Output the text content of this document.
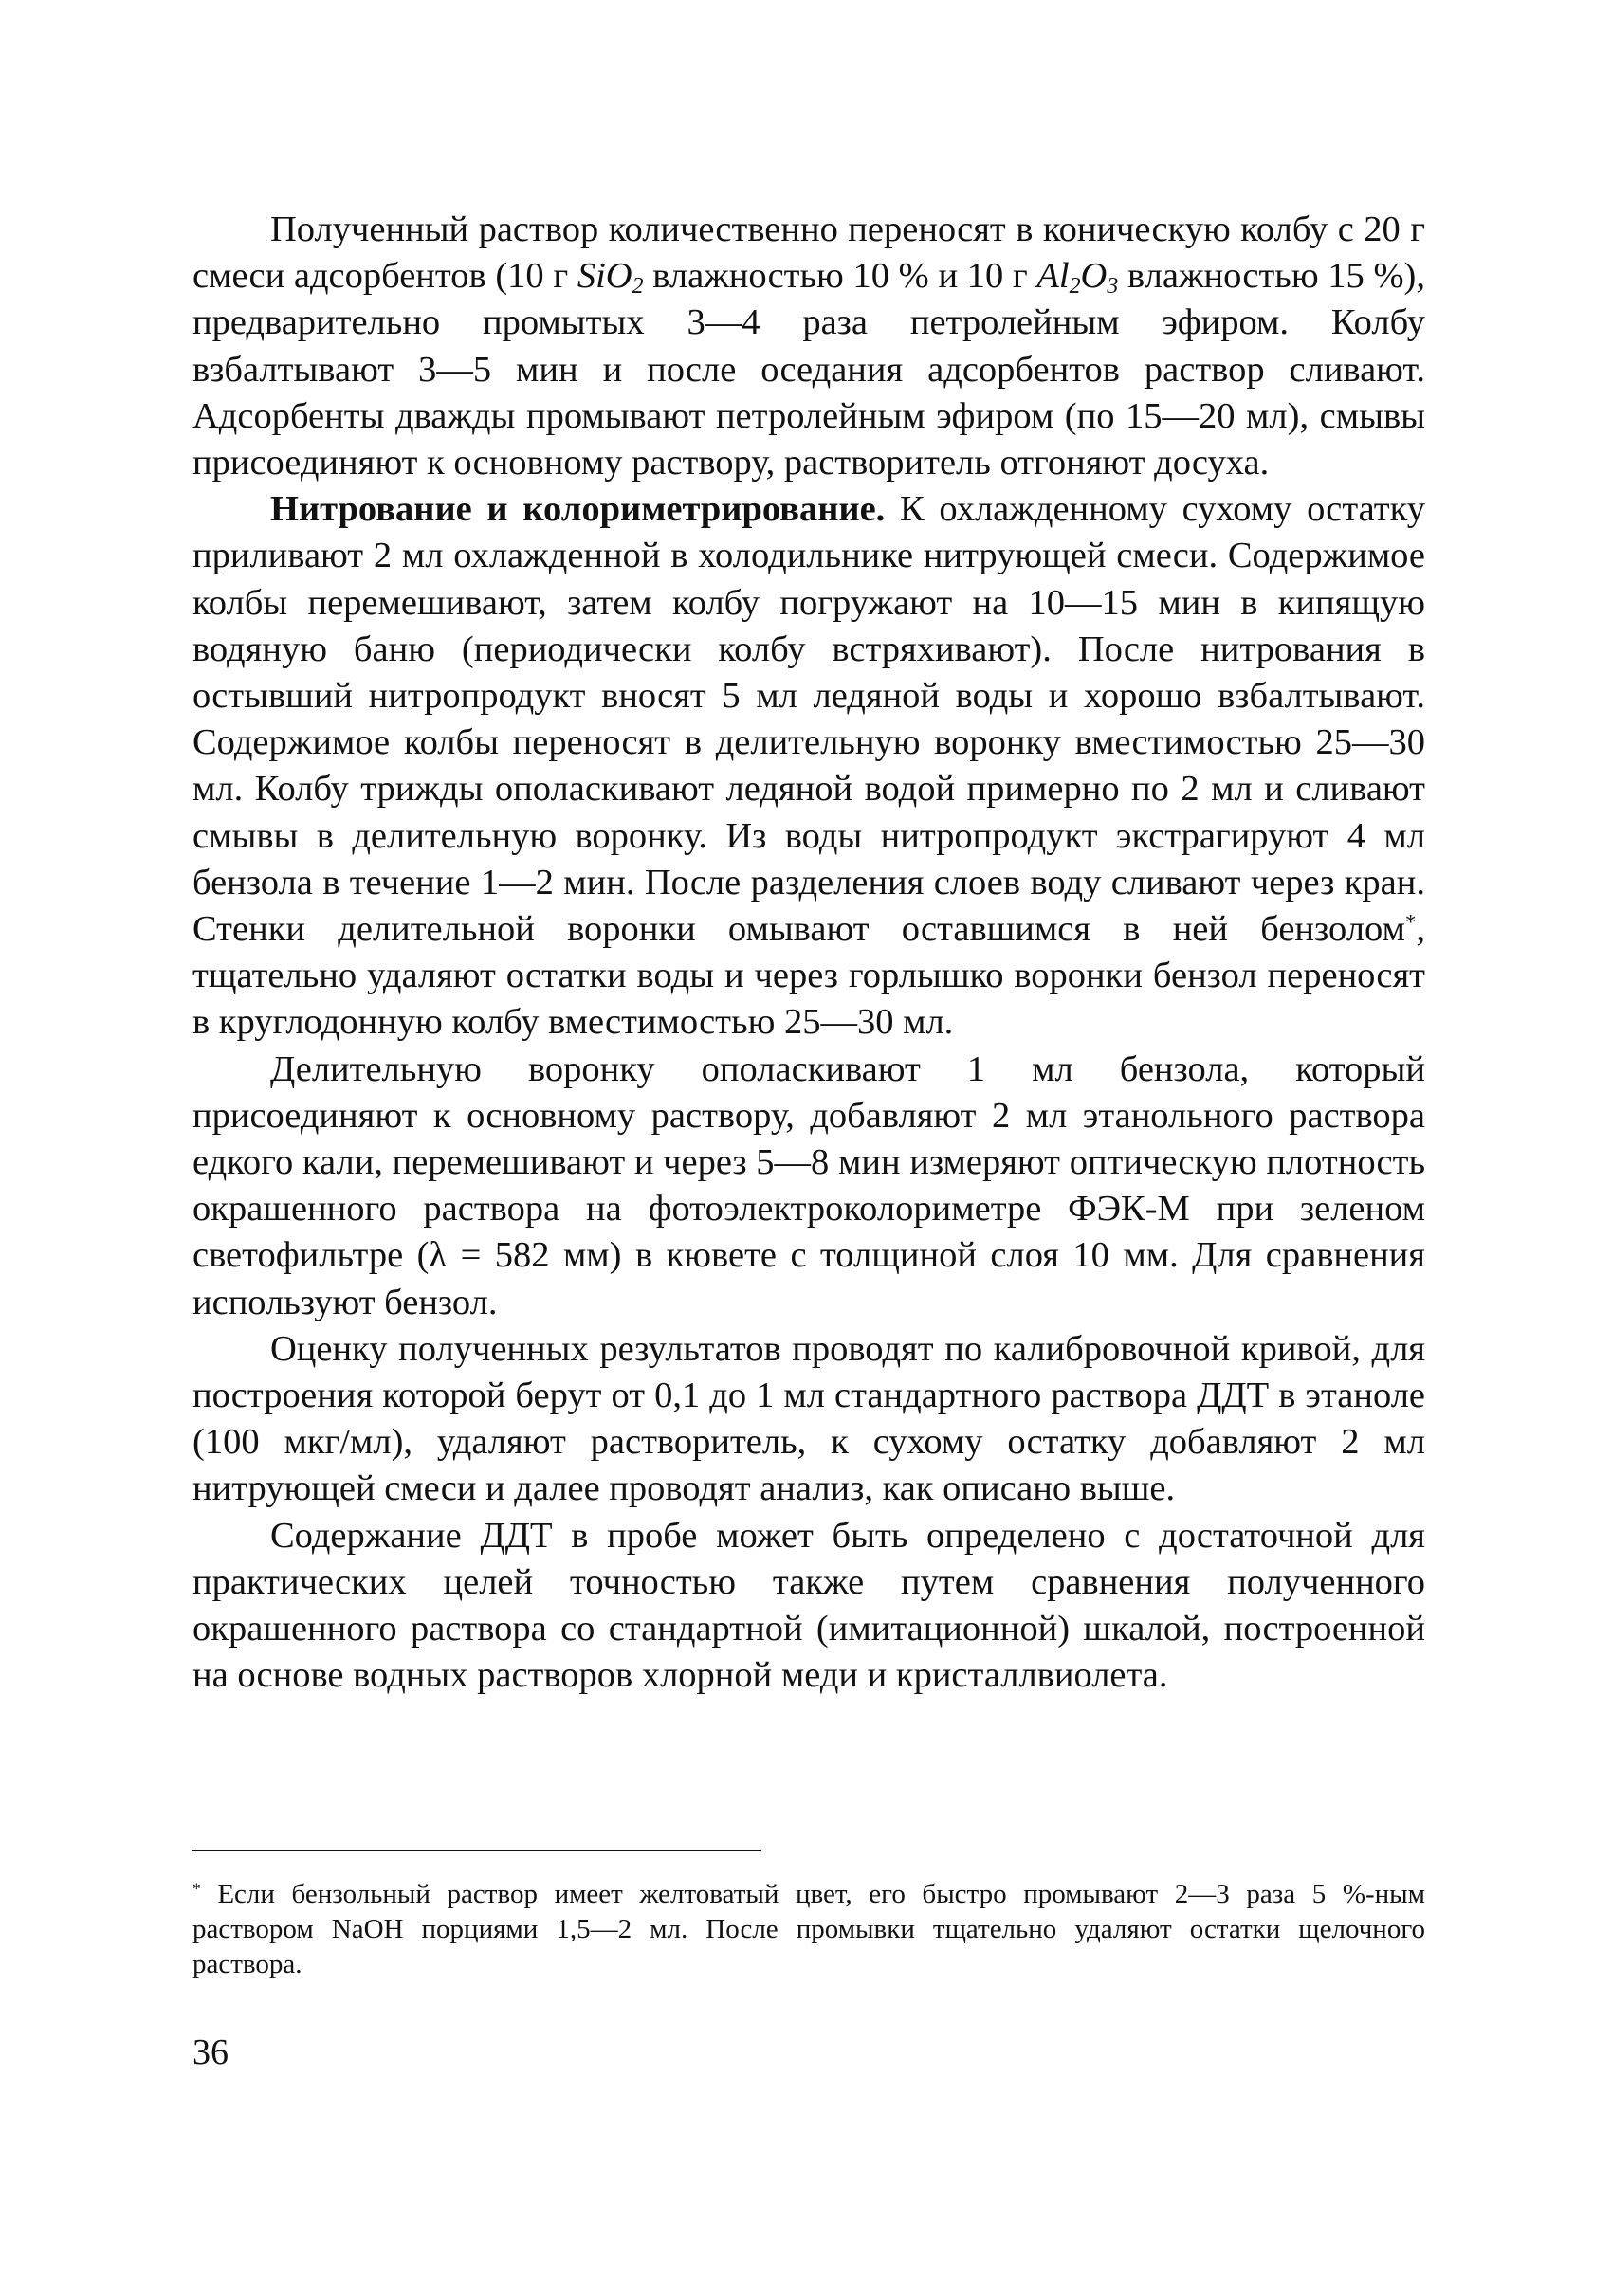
Полученный раствор количественно переносят в коническую колбу с 20 г смеси адсорбентов (10 г SiO$_2$ влажностью 10 % и 10 г $Al_2O_3$ влажностью 15 %), предварительно промытых 3—4 раза петролейным эфиром. Колбу взбалтывают 3—5 мин и после оседания адсорбентов раствор сливают. Адсорбенты дважды промывают петролейным эфиром (по 15—20 мл), смывы присоединяют к основному раствору, растворитель отгоняют досуха.

Нитрование и колориметрирование. К охлажденному сухому остатку приливают 2 мл охлажденной в холодильнике нитрующей смеси. Содержимое колбы перемешивают, затем колбу погружают на 10—15 мин в кипящую водяную баню (периодически колбу встряхивают). После нитрования в остывший нитропродукт вносят 5 мл ледяной воды и хорошо взбалтывают. Содержимое колбы переносят в делительную воронку вместимостью 25—30 мл. Колбу трижды ополаскивают ледяной водой примерно по 2 мл и сливают смывы в делительную воронку. Из воды нитропродукт экстрагируют 4 мл бензола в течение 1—2 мин. После разделения слоев воду сливают через кран. Стенки делительной воронки омывают оставшимся в ней бензолом*, тщательно удаляют остатки воды и через горлышко воронки бензол переносят в круглодонную колбу вместимостью 25—30 мл.

Делительную воронку ополаскивают 1 мл бензола, который присоединяют к основному раствору, добавляют 2 мл этанольного раствора едкого кали, перемешивают и через 5—8 мин измеряют оптическую плотность окрашенного раствора на фотоэлектроколориметре ФЭК-М при зеленом светофильтре (λ = 582 мм) в кювете с толщиной слоя 10 мм. Для сравнения используют бензол.

Оценку полученных результатов проводят по калибровочной кривой, для построения которой берут от 0,1 до 1 мл стандартного раствора ДДТ в этаноле (100 мкг/мл), удаляют растворитель, к сухому остатку добавляют 2 мл нитрующей смеси и далее проводят анализ, как описано выше.

Содержание ДДТ в пробе может быть определено с достаточной для практических целей точностью также путем сравнения полученного окрашенного раствора со стандартной (имитационной) шкалой, построенной на основе водных растворов хлорной меди и кристаллвиолета.

* Если бензольный раствор имеет желтоватый цвет, его быстро промывают 2—3 раза 5 %-ным раствором NaOH порциями 1,5—2 мл. После промывки тщательно удаляют остатки щелочного раствора.

36
